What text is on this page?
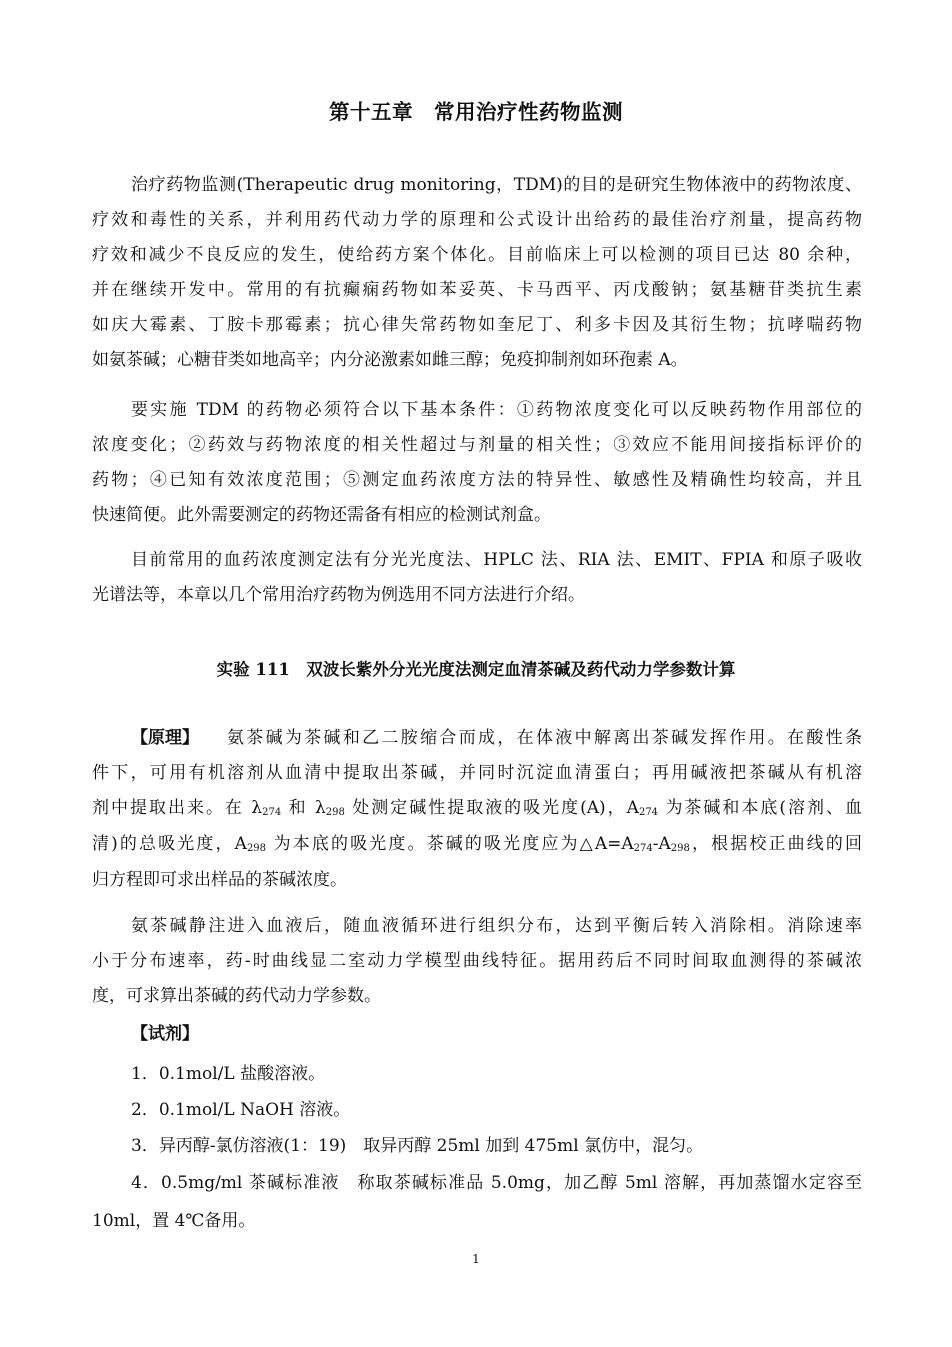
第十五章　常用治疗性药物监测
治疗药物监测(Therapeutic drug monitoring，TDM)的目的是研究生物体液中的药物浓度、
疗效和毒性的关系，并利用药代动力学的原理和公式设计出给药的最佳治疗剂量，提高药物
疗效和减少不良反应的发生，使给药方案个体化。目前临床上可以检测的项目已达 80 余种，
并在继续开发中。常用的有抗癫痫药物如苯妥英、卡马西平、丙戊酸钠；氨基糖苷类抗生素
如庆大霉素、丁胺卡那霉素；抗心律失常药物如奎尼丁、利多卡因及其衍生物；抗哮喘药物
如氨茶碱；心糖苷类如地高辛；内分泌激素如雌三醇；免疫抑制剂如环孢素 A。
要实施 TDM 的药物必须符合以下基本条件：①药物浓度变化可以反映药物作用部位的
浓度变化；②药效与药物浓度的相关性超过与剂量的相关性；③效应不能用间接指标评价的
药物；④已知有效浓度范围；⑤测定血药浓度方法的特异性、敏感性及精确性均较高，并且
快速简便。此外需要测定的药物还需备有相应的检测试剂盒。
目前常用的血药浓度测定法有分光光度法、HPLC 法、RIA 法、EMIT、FPIA 和原子吸收
光谱法等，本章以几个常用治疗药物为例选用不同方法进行介绍。
实验 111　双波长紫外分光光度法测定血清茶碱及药代动力学参数计算
【原理】 氨茶碱为茶碱和乙二胺缩合而成，在体液中解离出茶碱发挥作用。在酸性条
件下，可用有机溶剂从血清中提取出茶碱，并同时沉淀血清蛋白；再用碱液把茶碱从有机溶
剂中提取出来。在 $\lambda_{274}$ 和 $\lambda_{298}$ 处测定碱性提取液的吸光度(A)，$A_{274}$ 为茶碱和本底(溶剂、血
清)的总吸光度，$A_{298}$ 为本底的吸光度。茶碱的吸光度应为$\triangle A=A_{274}-A_{298}$，根据校正曲线的回
归方程即可求出样品的茶碱浓度。
氨茶碱静注进入血液后，随血液循环进行组织分布，达到平衡后转入消除相。消除速率
小于分布速率，药-时曲线显二室动力学模型曲线特征。据用药后不同时间取血测得的茶碱浓
度，可求算出茶碱的药代动力学参数。
【试剂】
1．0.1mol/L 盐酸溶液。
2．0.1mol/L NaOH 溶液。
3．异丙醇-氯仿溶液(1：19)　取异丙醇 25ml 加到 475ml 氯仿中，混匀。
4．0.5mg/ml 茶碱标准液　称取茶碱标准品 5.0mg，加乙醇 5ml 溶解，再加蒸馏水定容至
10ml，置 4℃备用。
1
